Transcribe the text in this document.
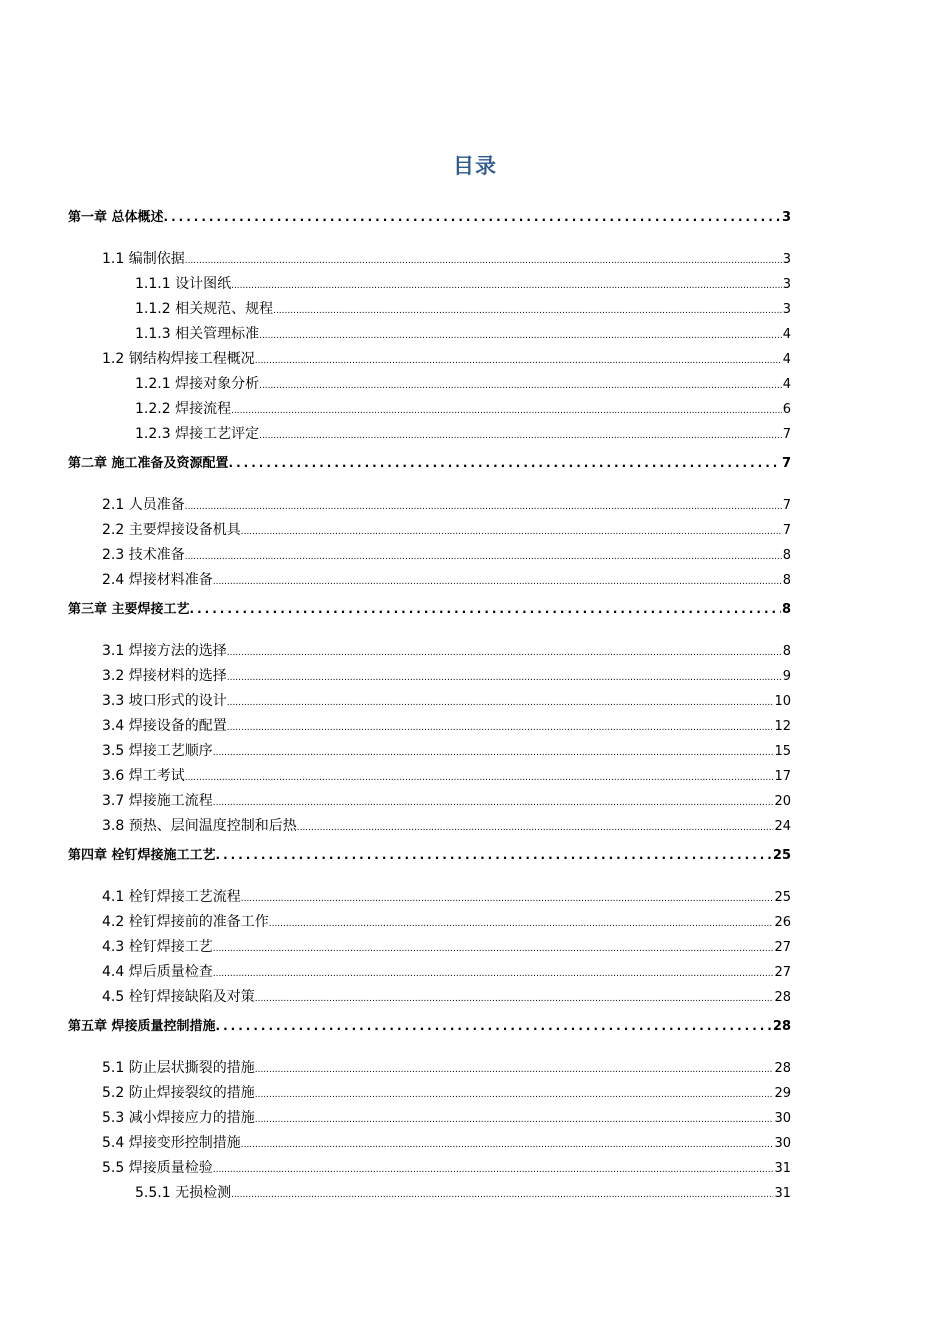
目录
第一章 总体概述 .....	3
1.1 编制依据 .....	3
1.1.1 设计图纸 .....	3
1.1.2 相关规范、规程 .....	3
1.1.3 相关管理标准 .....	4
1.2 钢结构焊接工程概况 .....	4
1.2.1 焊接对象分析 .....	4
1.2.2 焊接流程 .....	6
1.2.3 焊接工艺评定 .....	7
第二章 施工准备及资源配置 .....	7
2.1 人员准备 .....	7
2.2 主要焊接设备机具 .....	7
2.3 技术准备 .....	8
2.4 焊接材料准备 .....	8
第三章 主要焊接工艺 .....	8
3.1 焊接方法的选择 .....	8
3.2 焊接材料的选择 .....	9
3.3 坡口形式的设计 .....	10
3.4 焊接设备的配置 .....	12
3.5 焊接工艺顺序 .....	15
3.6 焊工考试 .....	17
3.7 焊接施工流程 .....	20
3.8 预热、层间温度控制和后热 .....	24
第四章 栓钉焊接施工工艺 .....	25
4.1 栓钉焊接工艺流程 .....	25
4.2 栓钉焊接前的准备工作 .....	26
4.3 栓钉焊接工艺 .....	27
4.4 焊后质量检查 .....	27
4.5 栓钉焊接缺陷及对策 .....	28
第五章 焊接质量控制措施 .....	28
5.1 防止层状撕裂的措施 .....	28
5.2 防止焊接裂纹的措施 .....	29
5.3 减小焊接应力的措施 .....	30
5.4 焊接变形控制措施 .....	30
5.5 焊接质量检验 .....	31
5.5.1 无损检测 .....	31
